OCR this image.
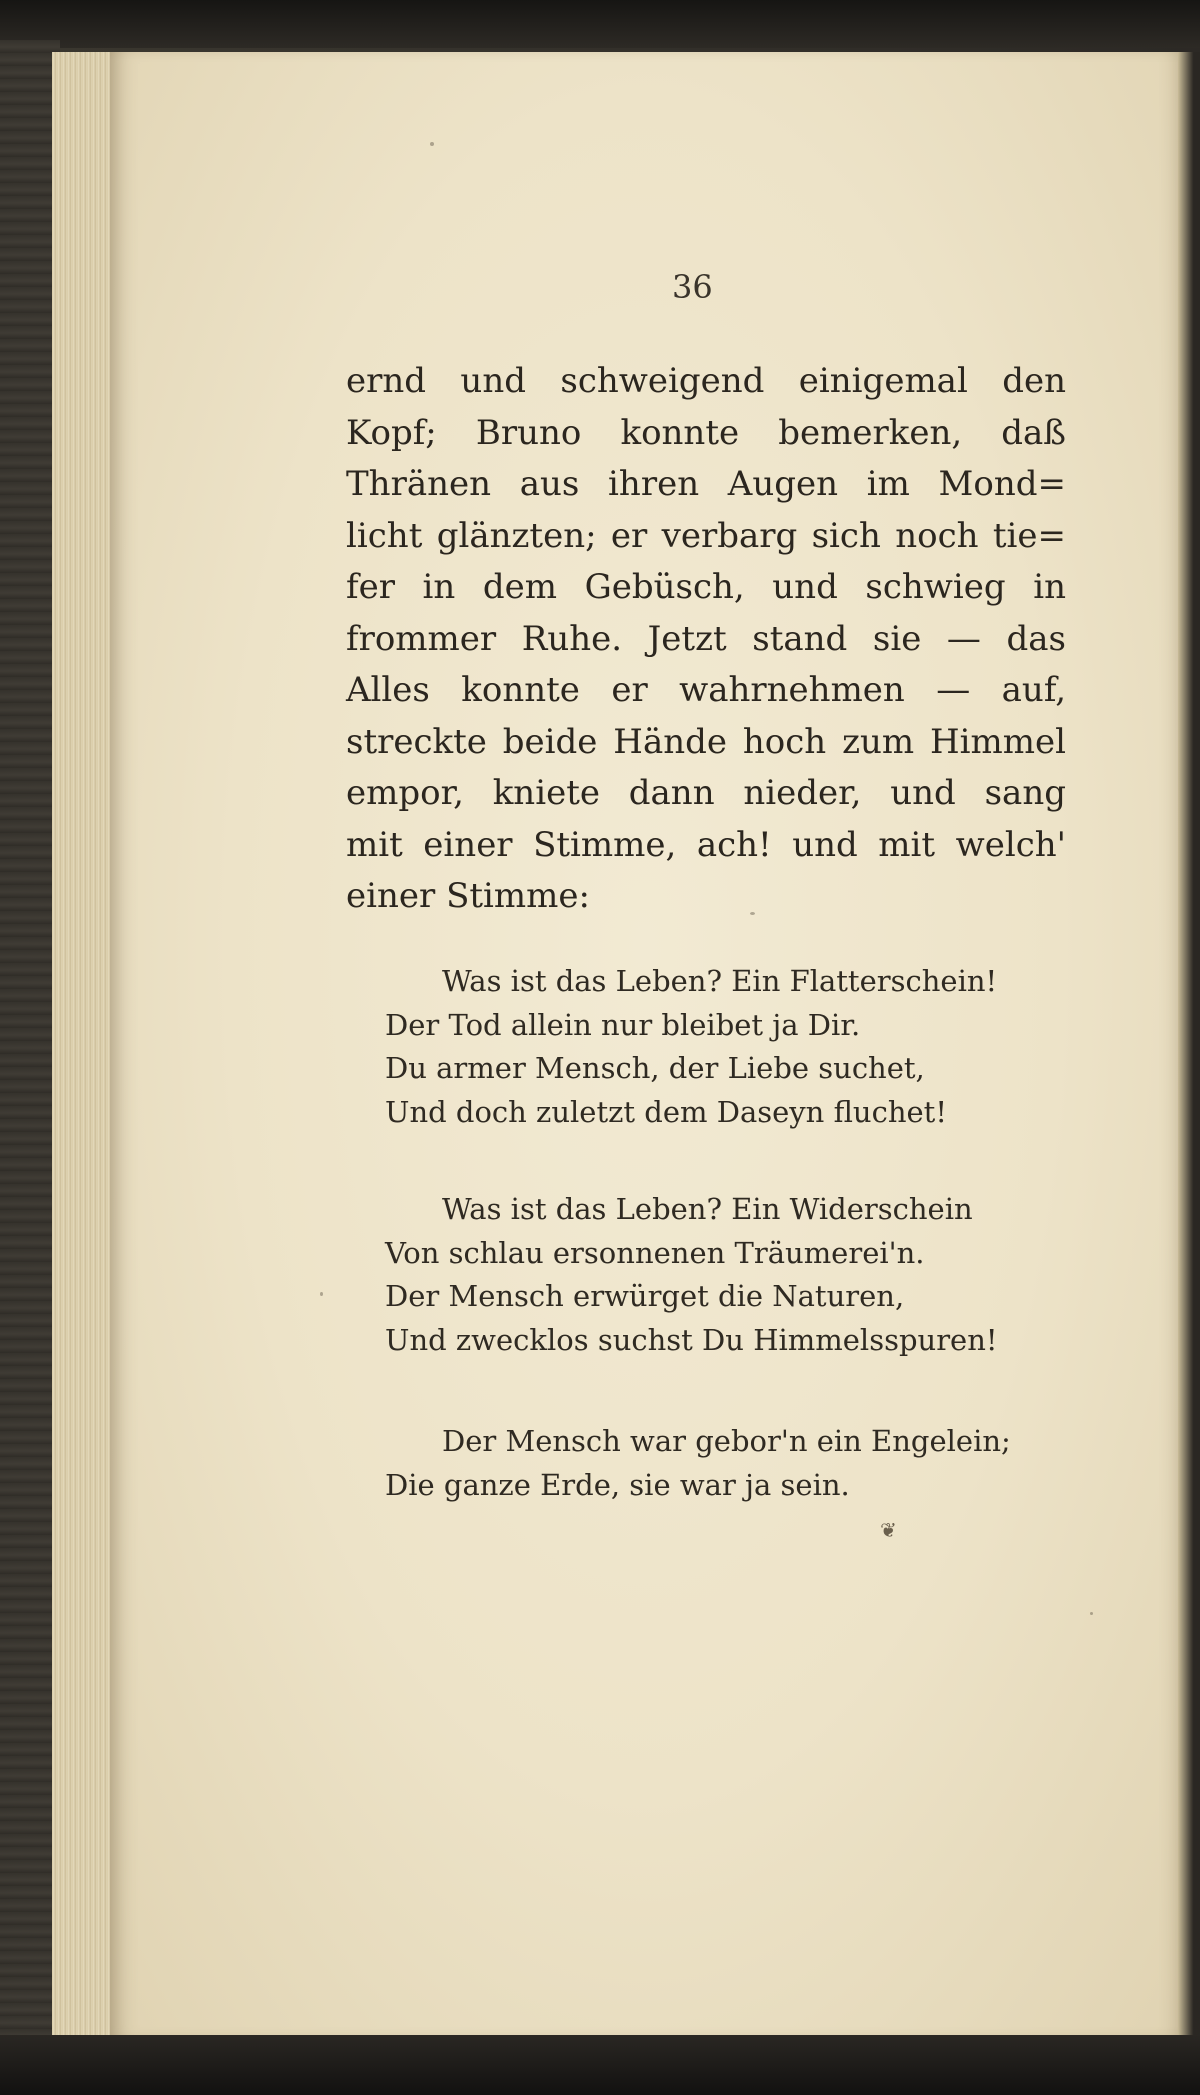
36
ernd und schweigend einigemal den
Kopf; Bruno konnte bemerken, daß
Thränen aus ihren Augen im Mond=
licht glänzten; er verbarg sich noch tie=
fer in dem Gebüsch, und schwieg in
frommer Ruhe. Jetzt stand sie — das
Alles konnte er wahrnehmen — auf,
streckte beide Hände hoch zum Himmel
empor, kniete dann nieder, und sang
mit einer Stimme, ach! und mit welch'
einer Stimme:
Was ist das Leben? Ein Flatterschein!
Der Tod allein nur bleibet ja Dir.
Du armer Mensch, der Liebe suchet,
Und doch zuletzt dem Daseyn fluchet!
Was ist das Leben? Ein Widerschein
Von schlau ersonnenen Träumerei'n.
Der Mensch erwürget die Naturen,
Und zwecklos suchst Du Himmelsspuren!
Der Mensch war gebor'n ein Engelein;
Die ganze Erde, sie war ja sein.
❦
